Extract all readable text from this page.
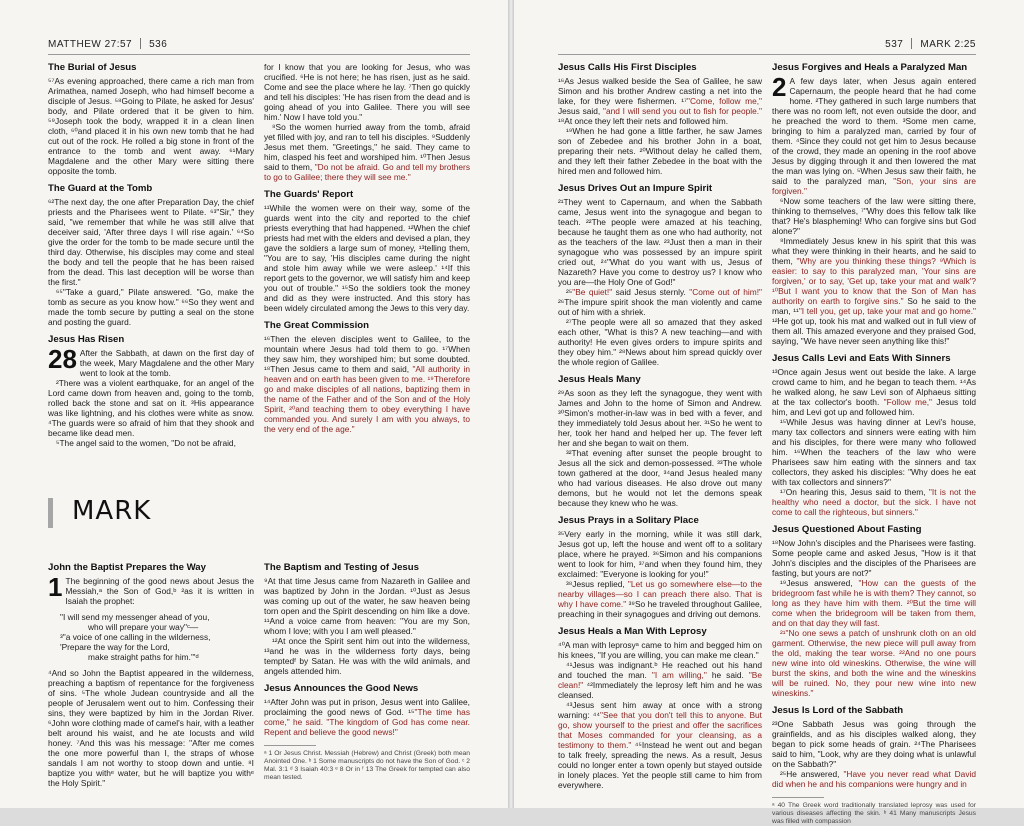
MATTHEW 27:57 536
The Burial of Jesus

⁵⁷As evening approached, there came a rich man from Arimathea, named Joseph, who had himself become a disciple of Jesus. ⁵⁸Going to Pilate, he asked for Jesus' body, and Pilate ordered that it be given to him. ⁵⁹Joseph took the body, wrapped it in a clean linen cloth, ⁶⁰and placed it in his own new tomb that he had cut out of the rock. He rolled a big stone in front of the entrance to the tomb and went away. ⁶¹Mary Magdalene and the other Mary were sitting there opposite the tomb.

The Guard at the Tomb

⁶²The next day, the one after Preparation Day, the chief priests and the Pharisees went to Pilate. ⁶³"Sir," they said, "we remember that while he was still alive that deceiver said, 'After three days I will rise again.' ⁶⁴So give the order for the tomb to be made secure until the third day. Otherwise, his disciples may come and steal the body and tell the people that he has been raised from the dead. This last deception will be worse than the first."

⁶⁵"Take a guard," Pilate answered. "Go, make the tomb as secure as you know how." ⁶⁶So they went and made the tomb secure by putting a seal on the stone and posting the guard.

Jesus Has Risen

28 After the Sabbath, at dawn on the first day of the week, Mary Magdalene and the other Mary went to look at the tomb.

²There was a violent earthquake, for an angel of the Lord came down from heaven and, going to the tomb, rolled back the stone and sat on it. ³His appearance was like lightning, and his clothes were white as snow. ⁴The guards were so afraid of him that they shook and became like dead men.

⁵The angel said to the women, "Do not be afraid,

for I know that you are looking for Jesus, who was crucified. ⁶He is not here; he has risen, just as he said. Come and see the place where he lay. ⁷Then go quickly and tell his disciples: 'He has risen from the dead and is going ahead of you into Galilee. There you will see him.' Now I have told you."

⁸So the women hurried away from the tomb, afraid yet filled with joy, and ran to tell his disciples. ⁹Suddenly Jesus met them. "Greetings," he said. They came to him, clasped his feet and worshiped him. ¹⁰Then Jesus said to them, "Do not be afraid. Go and tell my brothers to go to Galilee; there they will see me."

The Guards' Report

¹¹While the women were on their way, some of the guards went into the city and reported to the chief priests everything that had happened. ¹²When the chief priests had met with the elders and devised a plan, they gave the soldiers a large sum of money, ¹³telling them, "You are to say, 'His disciples came during the night and stole him away while we were asleep.' ¹⁴If this report gets to the governor, we will satisfy him and keep you out of trouble." ¹⁵So the soldiers took the money and did as they were instructed. And this story has been widely circulated among the Jews to this very day.

The Great Commission

¹⁶Then the eleven disciples went to Galilee, to the mountain where Jesus had told them to go. ¹⁷When they saw him, they worshiped him; but some doubted. ¹⁸Then Jesus came to them and said, "All authority in heaven and on earth has been given to me. ¹⁹Therefore go and make disciples of all nations, baptizing them in the name of the Father and of the Son and of the Holy Spirit, ²⁰and teaching them to obey everything I have commanded you. And surely I am with you always, to the very end of the age."

MARK
John the Baptist Prepares the Way

1 The beginning of the good news about Jesus the Messiah,ᵃ the Son of God,ᵇ ²as it is written in Isaiah the prophet:

"I will send my messenger ahead of you,

who will prepare your way"ᶜ—

³"a voice of one calling in the wilderness,

'Prepare the way for the Lord,

make straight paths for him.'"ᵈ

⁴And so John the Baptist appeared in the wilderness, preaching a baptism of repentance for the forgiveness of sins. ⁵The whole Judean countryside and all the people of Jerusalem went out to him. Confessing their sins, they were baptized by him in the Jordan River. ⁶John wore clothing made of camel's hair, with a leather belt around his waist, and he ate locusts and wild honey. ⁷And this was his message: "After me comes the one more powerful than I, the straps of whose sandals I am not worthy to stoop down and untie. ⁸I baptize you withᵉ water, but he will baptize you withᵉ the Holy Spirit."

The Baptism and Testing of Jesus

⁹At that time Jesus came from Nazareth in Galilee and was baptized by John in the Jordan. ¹⁰Just as Jesus was coming up out of the water, he saw heaven being torn open and the Spirit descending on him like a dove. ¹¹And a voice came from heaven: "You are my Son, whom I love; with you I am well pleased."

¹²At once the Spirit sent him out into the wilderness, ¹³and he was in the wilderness forty days, being temptedᶠ by Satan. He was with the wild animals, and angels attended him.

Jesus Announces the Good News

¹⁴After John was put in prison, Jesus went into Galilee, proclaiming the good news of God. ¹⁵"The time has come," he said. "The kingdom of God has come near. Repent and believe the good news!"

ᵃ 1 Or Jesus Christ. Messiah (Hebrew) and Christ (Greek) both mean Anointed One. ᵇ 1 Some manuscripts do not have the Son of God. ᶜ 2 Mal. 3:1 ᵈ 3 Isaiah 40:3 ᵉ 8 Or in ᶠ 13 The Greek for tempted can also mean tested.

537 MARK 2:25
Jesus Calls His First Disciples

¹⁶As Jesus walked beside the Sea of Galilee, he saw Simon and his brother Andrew casting a net into the lake, for they were fishermen. ¹⁷"Come, follow me," Jesus said, "and I will send you out to fish for people." ¹⁸At once they left their nets and followed him.

¹⁹When he had gone a little farther, he saw James son of Zebedee and his brother John in a boat, preparing their nets. ²⁰Without delay he called them, and they left their father Zebedee in the boat with the hired men and followed him.

Jesus Drives Out an Impure Spirit

²¹They went to Capernaum, and when the Sabbath came, Jesus went into the synagogue and began to teach. ²²The people were amazed at his teaching, because he taught them as one who had authority, not as the teachers of the law. ²³Just then a man in their synagogue who was possessed by an impure spirit cried out, ²⁴"What do you want with us, Jesus of Nazareth? Have you come to destroy us? I know who you are—the Holy One of God!"

²⁵"Be quiet!" said Jesus sternly. "Come out of him!" ²⁶The impure spirit shook the man violently and came out of him with a shriek.

²⁷The people were all so amazed that they asked each other, "What is this? A new teaching—and with authority! He even gives orders to impure spirits and they obey him." ²⁸News about him spread quickly over the whole region of Galilee.

Jesus Heals Many

²⁹As soon as they left the synagogue, they went with James and John to the home of Simon and Andrew. ³⁰Simon's mother-in-law was in bed with a fever, and they immediately told Jesus about her. ³¹So he went to her, took her hand and helped her up. The fever left her and she began to wait on them.

³²That evening after sunset the people brought to Jesus all the sick and demon-possessed. ³³The whole town gathered at the door, ³⁴and Jesus healed many who had various diseases. He also drove out many demons, but he would not let the demons speak because they knew who he was.

Jesus Prays in a Solitary Place

³⁵Very early in the morning, while it was still dark, Jesus got up, left the house and went off to a solitary place, where he prayed. ³⁶Simon and his companions went to look for him, ³⁷and when they found him, they exclaimed: "Everyone is looking for you!"

³⁸Jesus replied, "Let us go somewhere else—to the nearby villages—so I can preach there also. That is why I have come." ³⁹So he traveled throughout Galilee, preaching in their synagogues and driving out demons.

Jesus Heals a Man With Leprosy

⁴⁰A man with leprosyᵃ came to him and begged him on his knees, "If you are willing, you can make me clean."

⁴¹Jesus was indignant.ᵇ He reached out his hand and touched the man. "I am willing," he said. "Be clean!" ⁴²Immediately the leprosy left him and he was cleansed.

⁴³Jesus sent him away at once with a strong warning: ⁴⁴"See that you don't tell this to anyone. But go, show yourself to the priest and offer the sacrifices that Moses commanded for your cleansing, as a testimony to them." ⁴⁵Instead he went out and began to talk freely, spreading the news. As a result, Jesus could no longer enter a town openly but stayed outside in lonely places. Yet the people still came to him from everywhere.

Jesus Forgives and Heals a Paralyzed Man

2 A few days later, when Jesus again entered Capernaum, the people heard that he had come home. ²They gathered in such large numbers that there was no room left, not even outside the door, and he preached the word to them. ³Some men came, bringing to him a paralyzed man, carried by four of them. ⁴Since they could not get him to Jesus because of the crowd, they made an opening in the roof above Jesus by digging through it and then lowered the mat the man was lying on. ⁵When Jesus saw their faith, he said to the paralyzed man, "Son, your sins are forgiven."

⁶Now some teachers of the law were sitting there, thinking to themselves, ⁷"Why does this fellow talk like that? He's blaspheming! Who can forgive sins but God alone?"

⁸Immediately Jesus knew in his spirit that this was what they were thinking in their hearts, and he said to them, "Why are you thinking these things? ⁹Which is easier: to say to this paralyzed man, 'Your sins are forgiven,' or to say, 'Get up, take your mat and walk'? ¹⁰But I want you to know that the Son of Man has authority on earth to forgive sins." So he said to the man, ¹¹"I tell you, get up, take your mat and go home." ¹²He got up, took his mat and walked out in full view of them all. This amazed everyone and they praised God, saying, "We have never seen anything like this!"

Jesus Calls Levi and Eats With Sinners

¹³Once again Jesus went out beside the lake. A large crowd came to him, and he began to teach them. ¹⁴As he walked along, he saw Levi son of Alphaeus sitting at the tax collector's booth. "Follow me," Jesus told him, and Levi got up and followed him.

¹⁵While Jesus was having dinner at Levi's house, many tax collectors and sinners were eating with him and his disciples, for there were many who followed him. ¹⁶When the teachers of the law who were Pharisees saw him eating with the sinners and tax collectors, they asked his disciples: "Why does he eat with tax collectors and sinners?"

¹⁷On hearing this, Jesus said to them, "It is not the healthy who need a doctor, but the sick. I have not come to call the righteous, but sinners."

Jesus Questioned About Fasting

¹⁸Now John's disciples and the Pharisees were fasting. Some people came and asked Jesus, "How is it that John's disciples and the disciples of the Pharisees are fasting, but yours are not?"

¹⁹Jesus answered, "How can the guests of the bridegroom fast while he is with them? They cannot, so long as they have him with them. ²⁰But the time will come when the bridegroom will be taken from them, and on that day they will fast.

²¹"No one sews a patch of unshrunk cloth on an old garment. Otherwise, the new piece will pull away from the old, making the tear worse. ²²And no one pours new wine into old wineskins. Otherwise, the wine will burst the skins, and both the wine and the wineskins will be ruined. No, they pour new wine into new wineskins."

Jesus Is Lord of the Sabbath

²³One Sabbath Jesus was going through the grainfields, and as his disciples walked along, they began to pick some heads of grain. ²⁴The Pharisees said to him, "Look, why are they doing what is unlawful on the Sabbath?"

²⁵He answered, "Have you never read what David did when he and his companions were hungry and in

ᵃ 40 The Greek word traditionally translated leprosy was used for various diseases affecting the skin. ᵇ 41 Many manuscripts Jesus was filled with compassion
